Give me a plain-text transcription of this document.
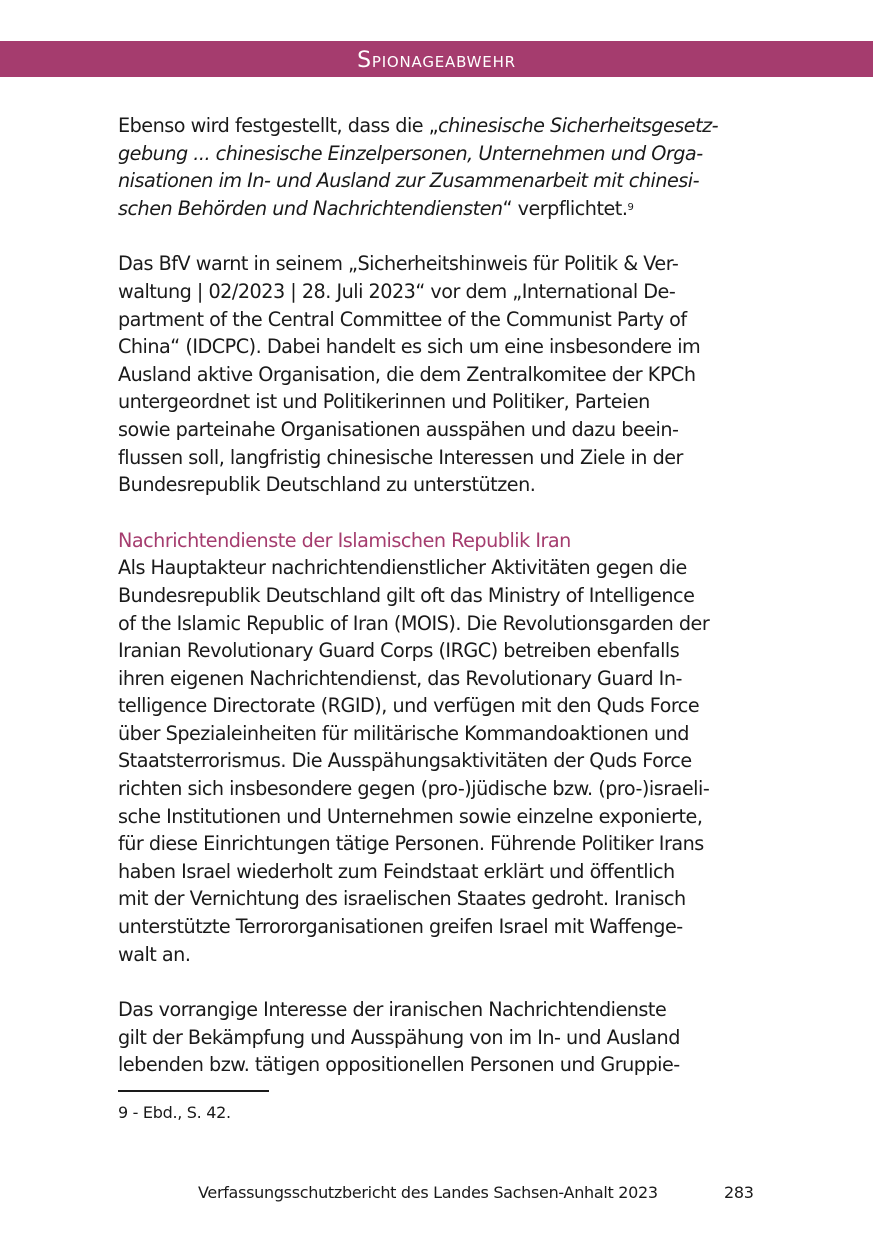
Spionageabwehr

Ebenso wird festgestellt, dass die „chinesische Sicherheitsgesetz-
gebung ... chinesische Einzelpersonen, Unternehmen und Orga-
nisationen im In- und Ausland zur Zusammenarbeit mit chinesi-
schen Behörden und Nachrichtendiensten“ verpflichtet.$^9$

Das BfV warnt in seinem „Sicherheitshinweis für Politik & Ver-
waltung | 02/2023 | 28. Juli 2023“ vor dem „International De-
partment of the Central Committee of the Communist Party of
China“ (IDCPC). Dabei handelt es sich um eine insbesondere im
Ausland aktive Organisation, die dem Zentralkomitee der KPCh
untergeordnet ist und Politikerinnen und Politiker, Parteien
sowie parteinahe Organisationen ausspähen und dazu beein-
flussen soll, langfristig chinesische Interessen und Ziele in der
Bundesrepublik Deutschland zu unterstützen.

Nachrichtendienste der Islamischen Republik Iran
Als Hauptakteur nachrichtendienstlicher Aktivitäten gegen die
Bundesrepublik Deutschland gilt oft das Ministry of Intelligence
of the Islamic Republic of Iran (MOIS). Die Revolutionsgarden der
Iranian Revolutionary Guard Corps (IRGC) betreiben ebenfalls
ihren eigenen Nachrichtendienst, das Revolutionary Guard In-
telligence Directorate (RGID), und verfügen mit den Quds Force
über Spezialeinheiten für militärische Kommandoaktionen und
Staatsterrorismus. Die Ausspähungsaktivitäten der Quds Force
richten sich insbesondere gegen (pro-)jüdische bzw. (pro-)israeli-
sche Institutionen und Unternehmen sowie einzelne exponierte,
für diese Einrichtungen tätige Personen. Führende Politiker Irans
haben Israel wiederholt zum Feindstaat erklärt und öffentlich
mit der Vernichtung des israelischen Staates gedroht. Iranisch
unterstützte Terrororganisationen greifen Israel mit Waffenge-
walt an.

Das vorrangige Interesse der iranischen Nachrichtendienste
gilt der Bekämpfung und Ausspähung von im In- und Ausland
lebenden bzw. tätigen oppositionellen Personen und Gruppie-

9 - Ebd., S. 42.
Verfassungsschutzbericht des Landes Sachsen-Anhalt 2023	283
